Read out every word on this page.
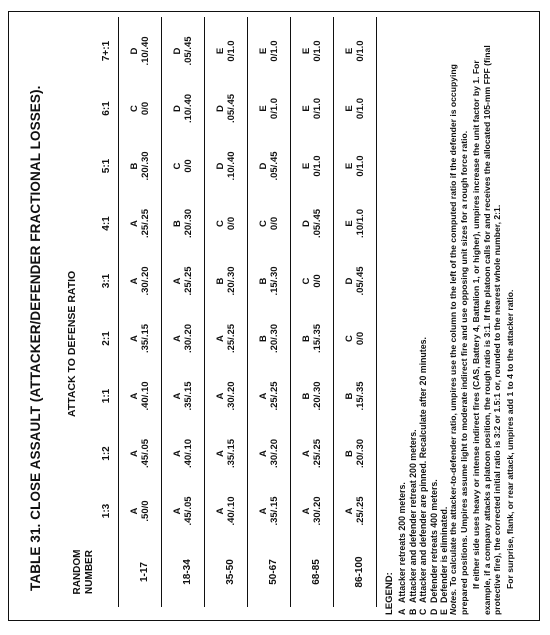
TABLE 31. CLOSE ASSAULT (ATTACKER/DEFENDER FRACTIONAL LOSSES). ATTACK TO DEFENSE RATIO
RANDOM NUMBER
1:3
1:2
1:1
2:1
3:1
4:1
5:1
6:1
7+:1
1-17
A .50/0
A .45/.05
A .40/.10
A .35/.15
A .30/.20
A .25/.25
B .20/.30
C 0/0
D .10/.40
18-34
A .45/.05
A .40/.10
A .35/.15
A .30/.20
A .25/.25
B .20/.30
C 0/0
D .10/.40
D .05/.45
35-50
A .40/.10
A .35/.15
A .30/.20
A .25/.25
B .20/.30
C 0/0
D .10/.40
D .05/.45
E 0/1.0
50-67
A .35/.15
A .30/.20
A .25/.25
B .20/.30
B .15/.30
C 0/0
D .05/.45
E 0/1.0
E 0/1.0
68-85
A .30/.20
A .25/.25
B .20/.30
B .15/.35
C 0/0
D .05/.45
E 0/1.0
E 0/1.0
E 0/1.0
86-100
A .25/.25
B .20/.30
B .15/.35
C 0/0
D .05/.45
E .10/1.0
E 0/1.0
E 0/1.0
E 0/1.0
LEGEND: AAttacker retreats 200 meters.
BAttacker and defender retreat 200 meters.
CAttacker and defender are pinned. Recalculate after 20 minutes.
DDefender retreats 400 meters.
EDefender is eliminated. Notes. To calculate the attacker-to-defender ratio, umpires use the column to the left of the computed ratio if the defender is occupying prepared positions. Umpires assume light to moderate indirect fire and use opposing unit sizes for a rough force ratio. If either side uses heavy or intense indirect fires (CAS, Battery 4, Battalion 1, or higher), umpires increase the unit factor by 1. For example, if a company attacks a platoon position, the rough ratio is 3:1. If the platoon calls for and receives the allocated 105-mm FPF (final protective fire), the corrected initial ratio is 3:2 or 1.5:1 or, rounded to the nearest whole number, 2:1. For surprise, flank, or rear attack, umpires add 1 to 4 to the attacker ratio.
